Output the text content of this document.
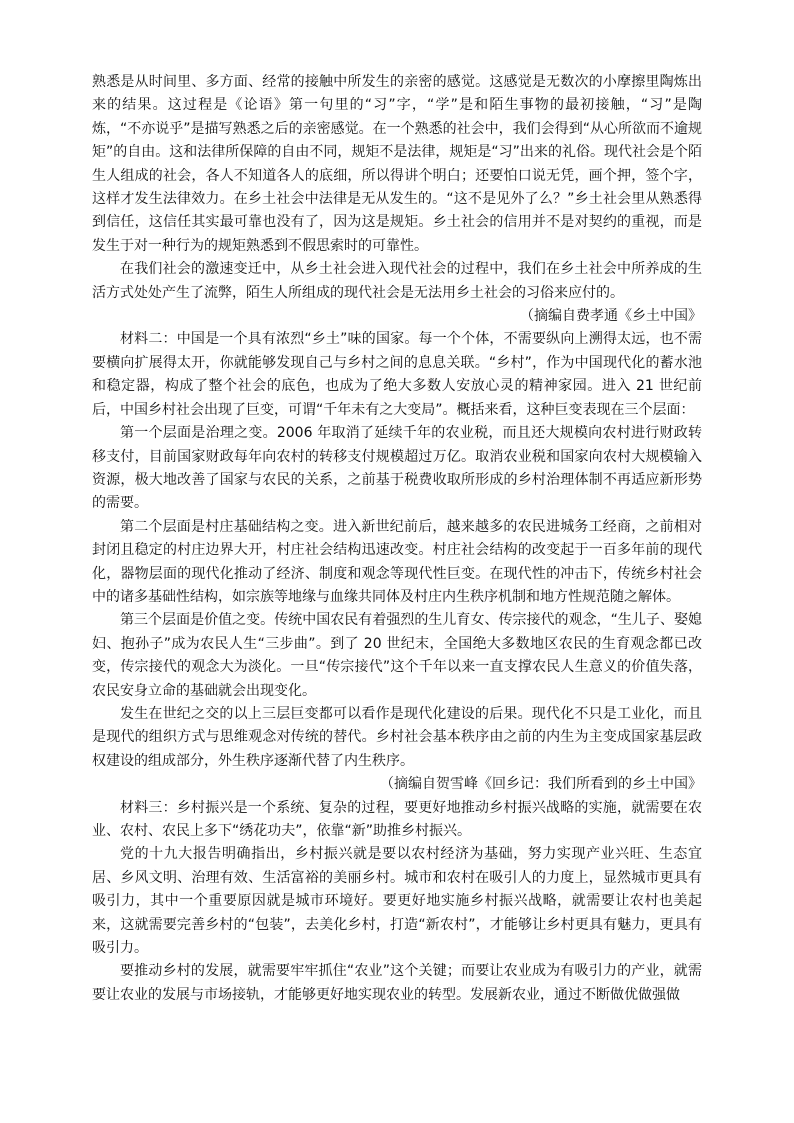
熟悉是从时间里、多方面、经常的接触中所发生的亲密的感觉。这感觉是无数次的小摩擦里陶炼出来的结果。这过程是《论语》第一句里的“习”字，“学”是和陌生事物的最初接触，“习”是陶炼，“不亦说乎”是描写熟悉之后的亲密感觉。在一个熟悉的社会中，我们会得到“从心所欲而不逾规矩”的自由。这和法律所保障的自由不同，规矩不是法律，规矩是“习”出来的礼俗。现代社会是个陌生人组成的社会，各人不知道各人的底细，所以得讲个明白；还要怕口说无凭，画个押，签个字，这样才发生法律效力。在乡土社会中法律是无从发生的。“这不是见外了么？”乡土社会里从熟悉得到信任，这信任其实最可靠也没有了，因为这是规矩。乡土社会的信用并不是对契约的重视，而是发生于对一种行为的规矩熟悉到不假思索时的可靠性。

在我们社会的激速变迁中，从乡土社会进入现代社会的过程中，我们在乡土社会中所养成的生活方式处处产生了流弊，陌生人所组成的现代社会是无法用乡土社会的习俗来应付的。

（摘编自费孝通《乡土中国》

材料二：中国是一个具有浓烈“乡土”味的国家。每一个个体，不需要纵向上溯得太远，也不需要横向扩展得太开，你就能够发现自己与乡村之间的息息关联。“乡村”，作为中国现代化的蓄水池和稳定器，构成了整个社会的底色，也成为了绝大多数人安放心灵的精神家园。进入 21 世纪前后，中国乡村社会出现了巨变，可谓“千年未有之大变局”。概括来看，这种巨变表现在三个层面：

第一个层面是治理之变。2006 年取消了延续千年的农业税，而且还大规模向农村进行财政转移支付，目前国家财政每年向农村的转移支付规模超过万亿。取消农业税和国家向农村大规模输入资源，极大地改善了国家与农民的关系，之前基于税费收取所形成的乡村治理体制不再适应新形势的需要。

第二个层面是村庄基础结构之变。进入新世纪前后，越来越多的农民进城务工经商，之前相对封闭且稳定的村庄边界大开，村庄社会结构迅速改变。村庄社会结构的改变起于一百多年前的现代化，器物层面的现代化推动了经济、制度和观念等现代性巨变。在现代性的冲击下，传统乡村社会中的诸多基础性结构，如宗族等地缘与血缘共同体及村庄内生秩序机制和地方性规范随之解体。

第三个层面是价值之变。传统中国农民有着强烈的生儿育女、传宗接代的观念，“生儿子、娶媳妇、抱孙子”成为农民人生“三步曲”。到了 20 世纪末，全国绝大多数地区农民的生育观念都已改变，传宗接代的观念大为淡化。一旦“传宗接代”这个千年以来一直支撑农民人生意义的价值失落，农民安身立命的基础就会出现变化。

发生在世纪之交的以上三层巨变都可以看作是现代化建设的后果。现代化不只是工业化，而且是现代的组织方式与思维观念对传统的替代。乡村社会基本秩序由之前的内生为主变成国家基层政权建设的组成部分，外生秩序逐渐代替了内生秩序。

（摘编自贺雪峰《回乡记：我们所看到的乡土中国》

材料三：乡村振兴是一个系统、复杂的过程，要更好地推动乡村振兴战略的实施，就需要在农业、农村、农民上多下“绣花功夫”，依靠“新”助推乡村振兴。

党的十九大报告明确指出，乡村振兴就是要以农村经济为基础，努力实现产业兴旺、生态宜居、乡风文明、治理有效、生活富裕的美丽乡村。城市和农村在吸引人的力度上，显然城市更具有吸引力，其中一个重要原因就是城市环境好。要更好地实施乡村振兴战略，就需要让农村也美起来，这就需要完善乡村的“包装”，去美化乡村，打造“新农村”，才能够让乡村更具有魅力，更具有吸引力。

要推动乡村的发展，就需要牢牢抓住“农业”这个关键；而要让农业成为有吸引力的产业，就需要让农业的发展与市场接轨，才能够更好地实现农业的转型。发展新农业，通过不断做优做强做
